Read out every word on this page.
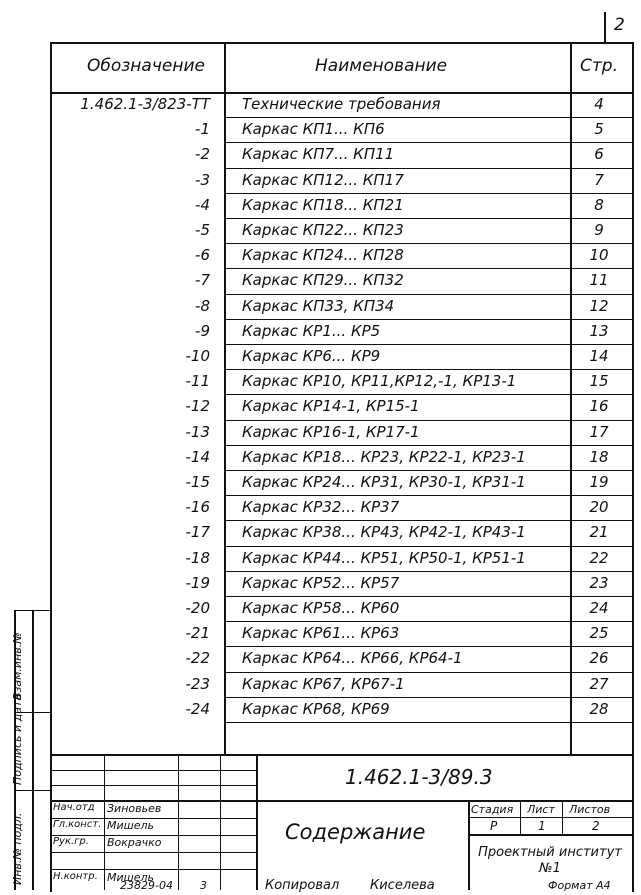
2
Обозначение	Наименование	Стр.
1.462.1-3/823-ТТ Технические требования	4
-1 Каркас КП1... КП6	5
-2 Каркас КП7... КП11	6
-3 Каркас КП12... КП17	7
-4 Каркас КП18... КП21	8
-5 Каркас КП22... КП23	9
-6 Каркас КП24... КП28	10
-7 Каркас КП29... КП32	11
-8 Каркас КП33, КП34	12
-9 Каркас КР1... КР5	13
-10 Каркас КР6... КР9	14
-11 Каркас КР10, КР11,КР12,-1, КР13-1	15
-12 Каркас КР14-1, КР15-1	16
-13 Каркас КР16-1, КР17-1	17
-14 Каркас КР18... КР23, КР22-1, КР23-1	18
-15 Каркас КР24... КР31, КР30-1, КР31-1	19
-16 Каркас КР32... КР37	20
-17 Каркас КР38... КР43, КР42-1, КР43-1	21
-18 Каркас КР44... КР51, КР50-1, КР51-1	22
-19 Каркас КР52... КР57	23
-20 Каркас КР58... КР60	24
-21 Каркас КР61... КР63	25
-22 Каркас КР64... КР66, КР64-1	26
-23 Каркас КР67, КР67-1	27
-24 Каркас КР68, КР69	28
Взам.инв.№
Подпись и дата
Инв.№ подл.
1.462.1-3/89.3
Нач.отд Зиновьев
Гл.конст. Мишель
Рук.гр. Вокрачко
Н.контр. Мишель
Содержание
Стадия Лист Листов
Р	1	2
Проектный институт №1
23829-04 3	Копировал Киселева	Формат А4
